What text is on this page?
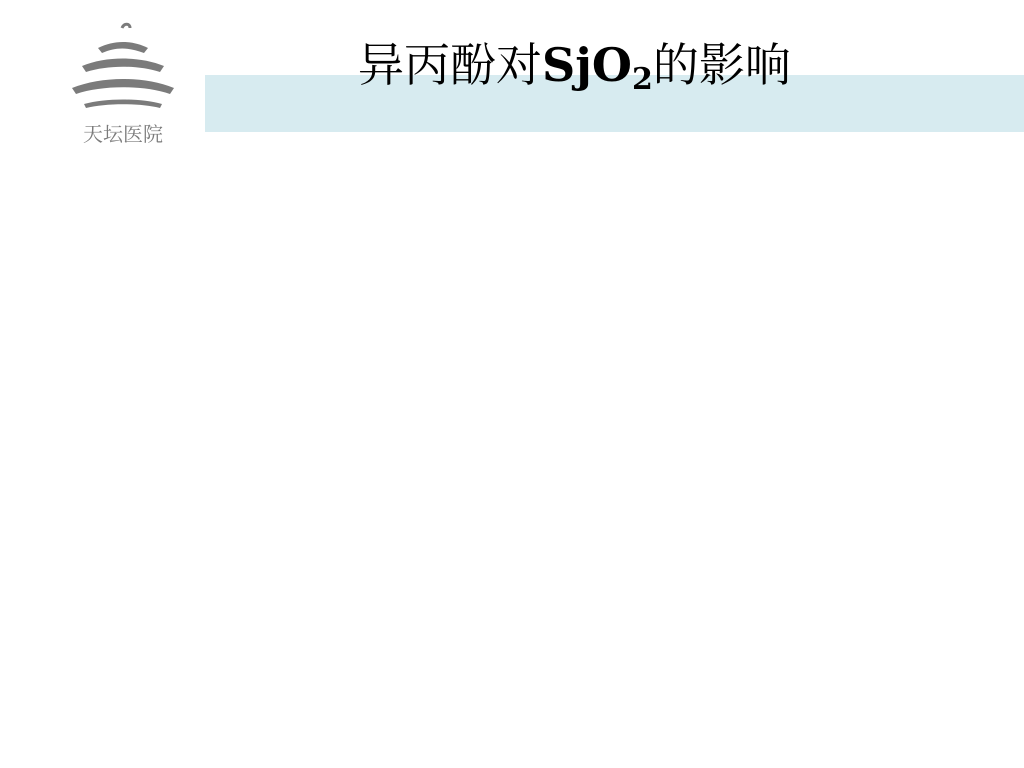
天坛医院
异丙酚对SjO$_2$的影响
